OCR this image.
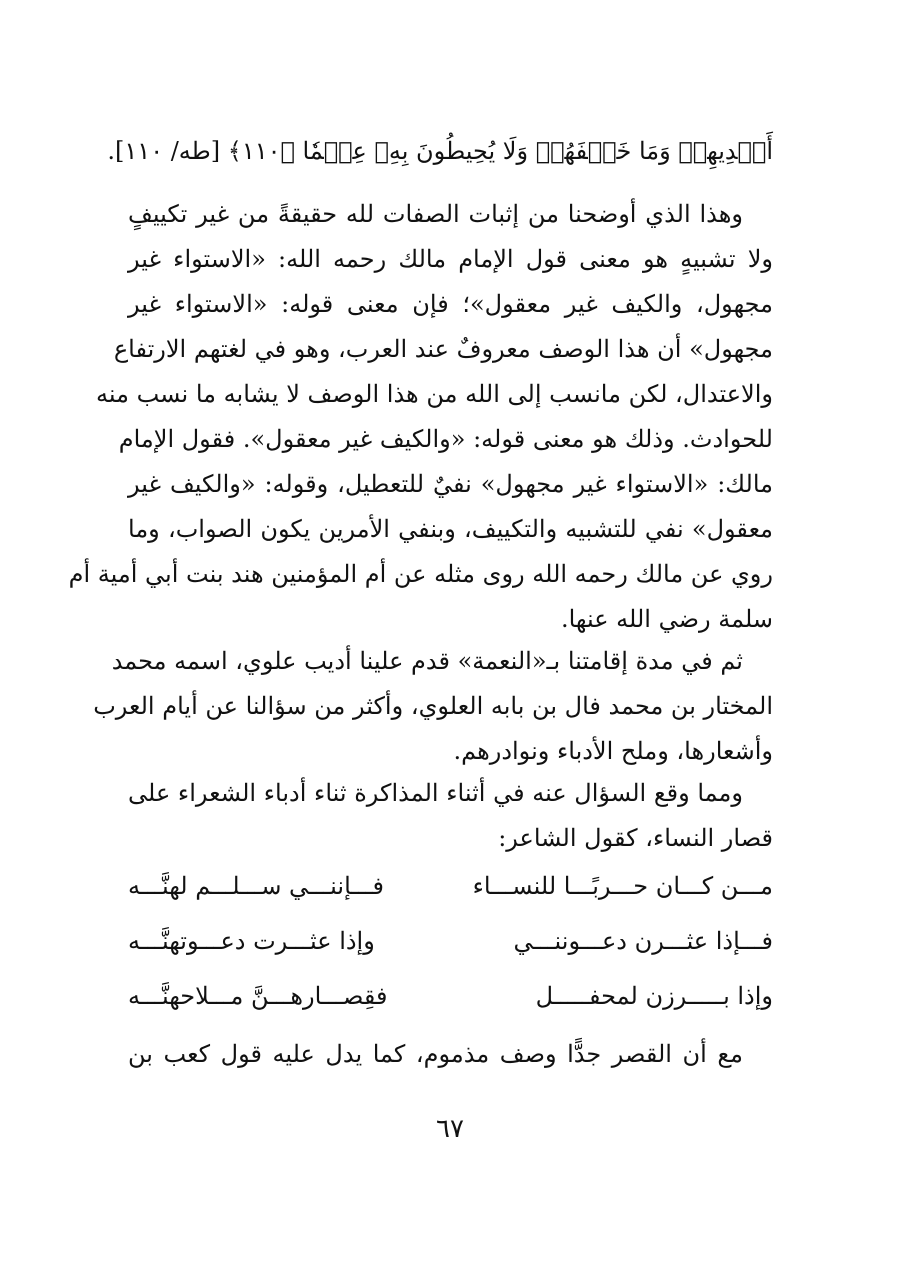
أَيۡدِيهِمۡ وَمَا خَلۡفَهُمۡ وَلَا يُحِيطُونَ بِهِۦ عِلۡمٗا ﴿١١٠﴾ [طه/ ١١٠].
وهذا الذي أوضحنا من إثبات الصفات لله حقيقةً من غير تكييفٍ
ولا تشبيهٍ هو معنى قول الإمام مالك رحمه الله: «الاستواء غير
مجهول، والكيف غير معقول»؛ فإن معنى قوله: «الاستواء غير
مجهول» أن هذا الوصف معروفٌ عند العرب، وهو في لغتهم الارتفاع
والاعتدال، لكن مانسب إلى الله من هذا الوصف لا يشابه ما نسب منه
للحوادث. وذلك هو معنى قوله: «والكيف غير معقول». فقول الإمام
مالك: «الاستواء غير مجهول» نفيٌ للتعطيل، وقوله: «والكيف غير
معقول» نفي للتشبيه والتكييف، وبنفي الأمرين يكون الصواب، وما
روي عن مالك رحمه الله روى مثله عن أم المؤمنين هند بنت أبي أمية أم
سلمة رضي الله عنها.
ثم في مدة إقامتنا بـ«النعمة» قدم علينا أديب علوي، اسمه محمد
المختار بن محمد فال بن بابه العلوي، وأكثر من سؤالنا عن أيام العرب
وأشعارها، وملح الأدباء ونوادرهم.
ومما وقع السؤال عنه في أثناء المذاكرة ثناء أدباء الشعراء على
قصار النساء، كقول الشاعر:
مـــن كـــان حـــربًـــا للنســـاء
فـــإننـــي ســـلـــم لهنَّـــه
فـــإذا عثـــرن دعـــوننـــي
وإذا عثـــرت دعـــوتهنَّـــه
وإذا بـــــرزن لمحفـــــل
فقِصـــارهـــنَّ مـــلاحهنَّـــه
مع أن القصر جدًّا وصف مذموم، كما يدل عليه قول كعب بن
٦٧
